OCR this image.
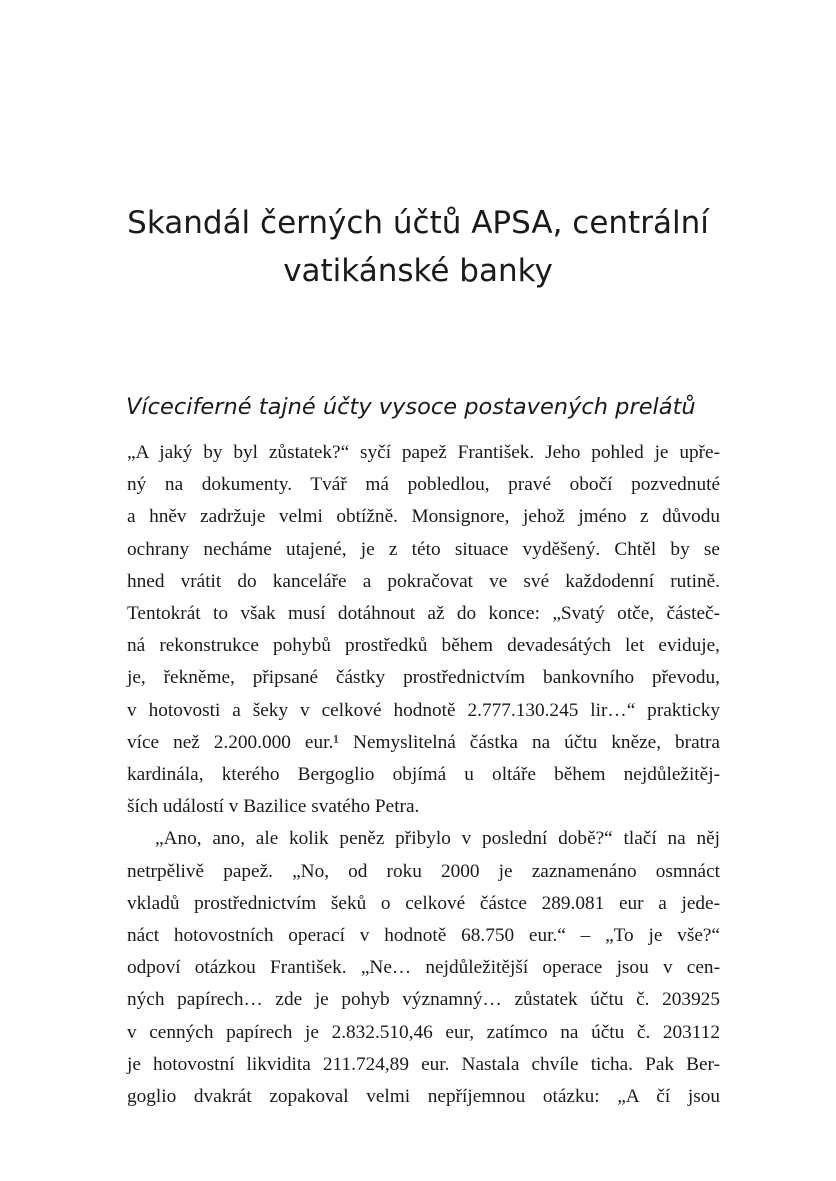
Skandál černých účtů APSA, centrální
vatikánské banky
Víceciferné tajné účty vysoce postavených prelátů
„A jaký by byl zůstatek?“ syčí papež František. Jeho pohled je upře-
ný na dokumenty. Tvář má pobledlou, pravé obočí pozvednuté
a hněv zadržuje velmi obtížně. Monsignore, jehož jméno z důvodu
ochrany necháme utajené, je z této situace vyděšený. Chtěl by se
hned vrátit do kanceláře a pokračovat ve své každodenní rutině.
Tentokrát to však musí dotáhnout až do konce: „Svatý otče, částeč-
ná rekonstrukce pohybů prostředků během devadesátých let eviduje,
je, řekněme, připsané částky prostřednictvím bankovního převodu,
v hotovosti a šeky v celkové hodnotě 2.777.130.245 lir…“ prakticky
více než 2.200.000 eur.¹ Nemyslitelná částka na účtu kněze, bratra
kardinála, kterého Bergoglio objímá u oltáře během nejdůležitěj-
ších událostí v Bazilice svatého Petra.
„Ano, ano, ale kolik peněz přibylo v poslední době?“ tlačí na něj
netrpělivě papež. „No, od roku 2000 je zaznamenáno osmnáct
vkladů prostřednictvím šeků o celkové částce 289.081 eur a jede-
náct hotovostních operací v hodnotě 68.750 eur.“ – „To je vše?“
odpoví otázkou František. „Ne… nejdůležitější operace jsou v cen-
ných papírech… zde je pohyb významný… zůstatek účtu č. 203925
v cenných papírech je 2.832.510,46 eur, zatímco na účtu č. 203112
je hotovostní likvidita 211.724,89 eur. Nastala chvíle ticha. Pak Ber-
goglio dvakrát zopakoval velmi nepříjemnou otázku: „A čí jsou
